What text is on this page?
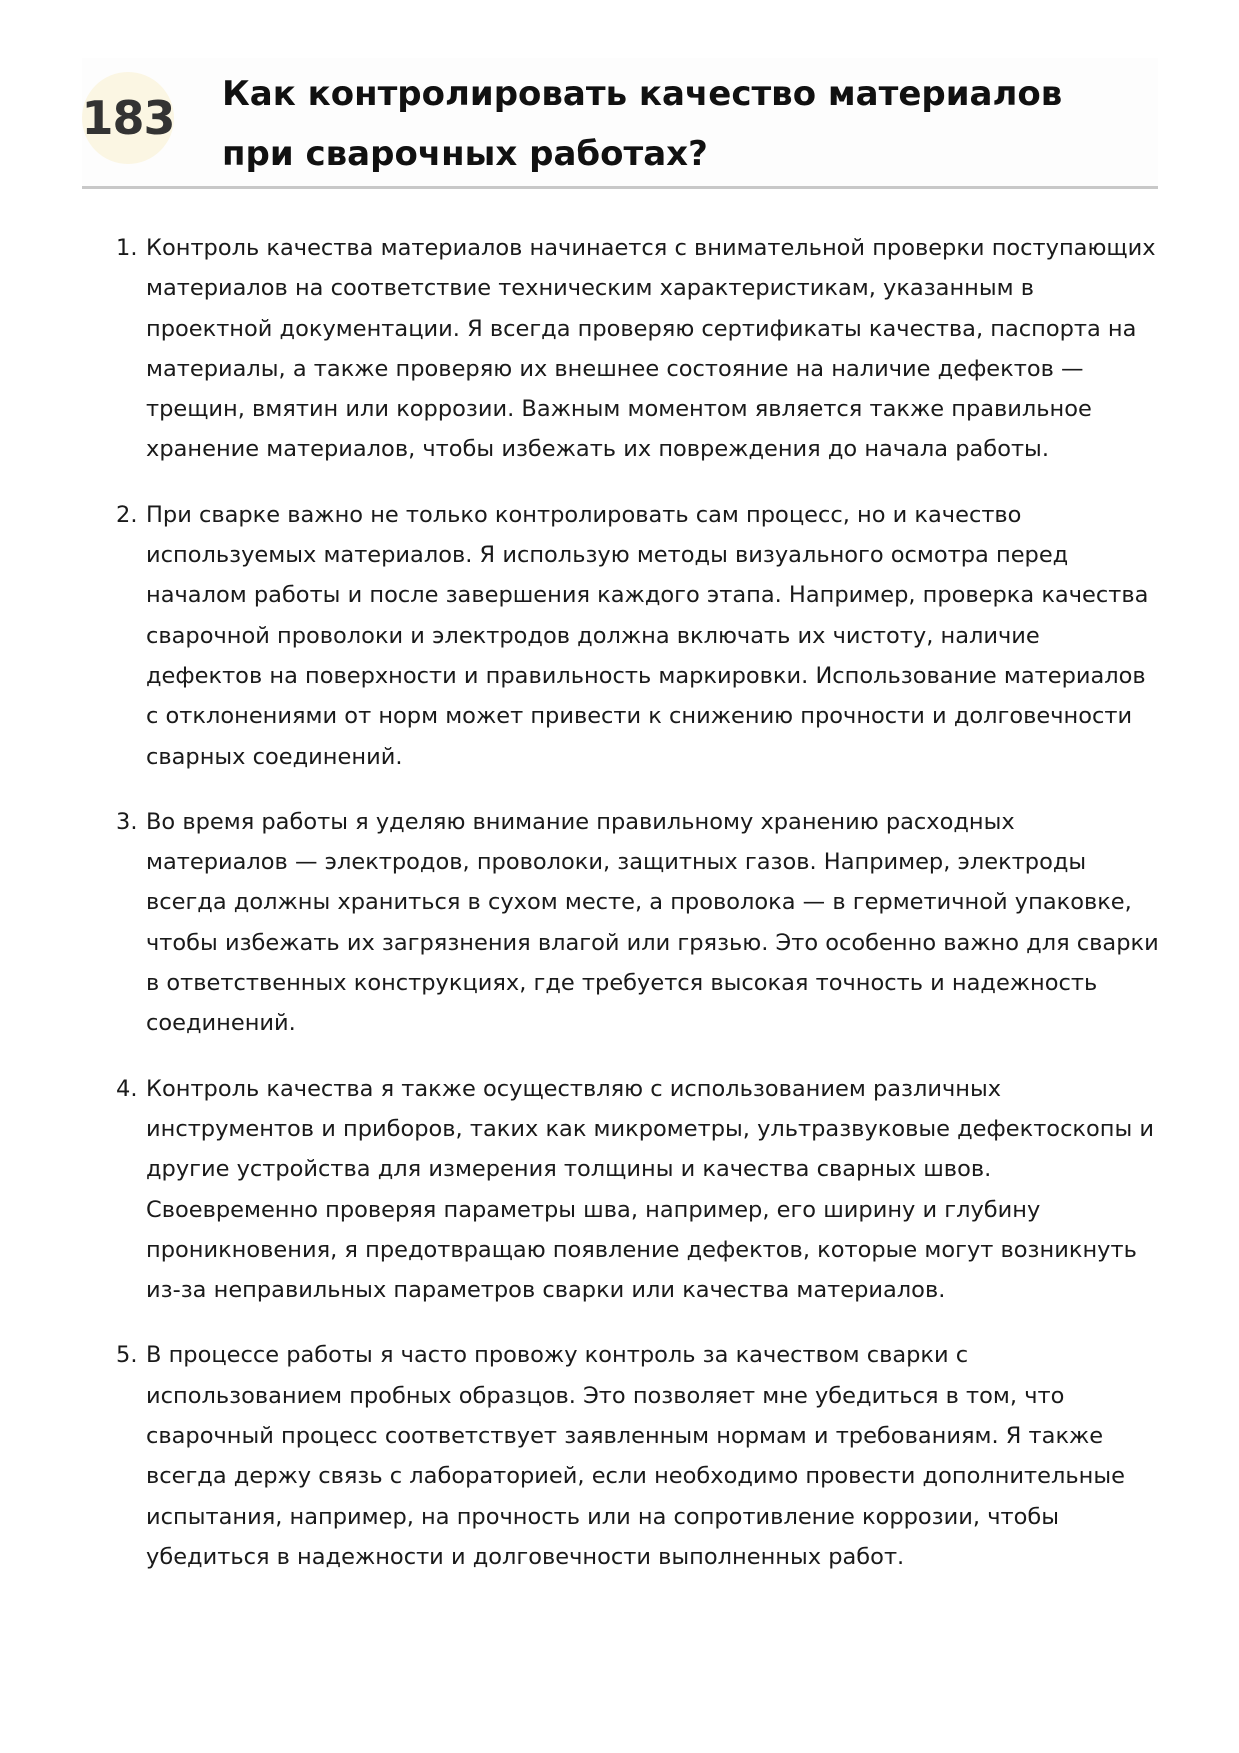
183 Как контролировать качество материалов при сварочных работах?
1. Контроль качества материалов начинается с внимательной проверки поступающих материалов на соответствие техническим характеристикам, указанным в проектной документации. Я всегда проверяю сертификаты качества, паспорта на материалы, а также проверяю их внешнее состояние на наличие дефектов — трещин, вмятин или коррозии. Важным моментом является также правильное хранение материалов, чтобы избежать их повреждения до начала работы.
2. При сварке важно не только контролировать сам процесс, но и качество используемых материалов. Я использую методы визуального осмотра перед началом работы и после завершения каждого этапа. Например, проверка качества сварочной проволоки и электродов должна включать их чистоту, наличие дефектов на поверхности и правильность маркировки. Использование материалов с отклонениями от норм может привести к снижению прочности и долговечности сварных соединений.
3. Во время работы я уделяю внимание правильному хранению расходных материалов — электродов, проволоки, защитных газов. Например, электроды всегда должны храниться в сухом месте, а проволока — в герметичной упаковке, чтобы избежать их загрязнения влагой или грязью. Это особенно важно для сварки в ответственных конструкциях, где требуется высокая точность и надежность соединений.
4. Контроль качества я также осуществляю с использованием различных инструментов и приборов, таких как микрометры, ультразвуковые дефектоскопы и другие устройства для измерения толщины и качества сварных швов. Своевременно проверяя параметры шва, например, его ширину и глубину проникновения, я предотвращаю появление дефектов, которые могут возникнуть из-за неправильных параметров сварки или качества материалов.
5. В процессе работы я часто провожу контроль за качеством сварки с использованием пробных образцов. Это позволяет мне убедиться в том, что сварочный процесс соответствует заявленным нормам и требованиям. Я также всегда держу связь с лабораторией, если необходимо провести дополнительные испытания, например, на прочность или на сопротивление коррозии, чтобы убедиться в надежности и долговечности выполненных работ.
